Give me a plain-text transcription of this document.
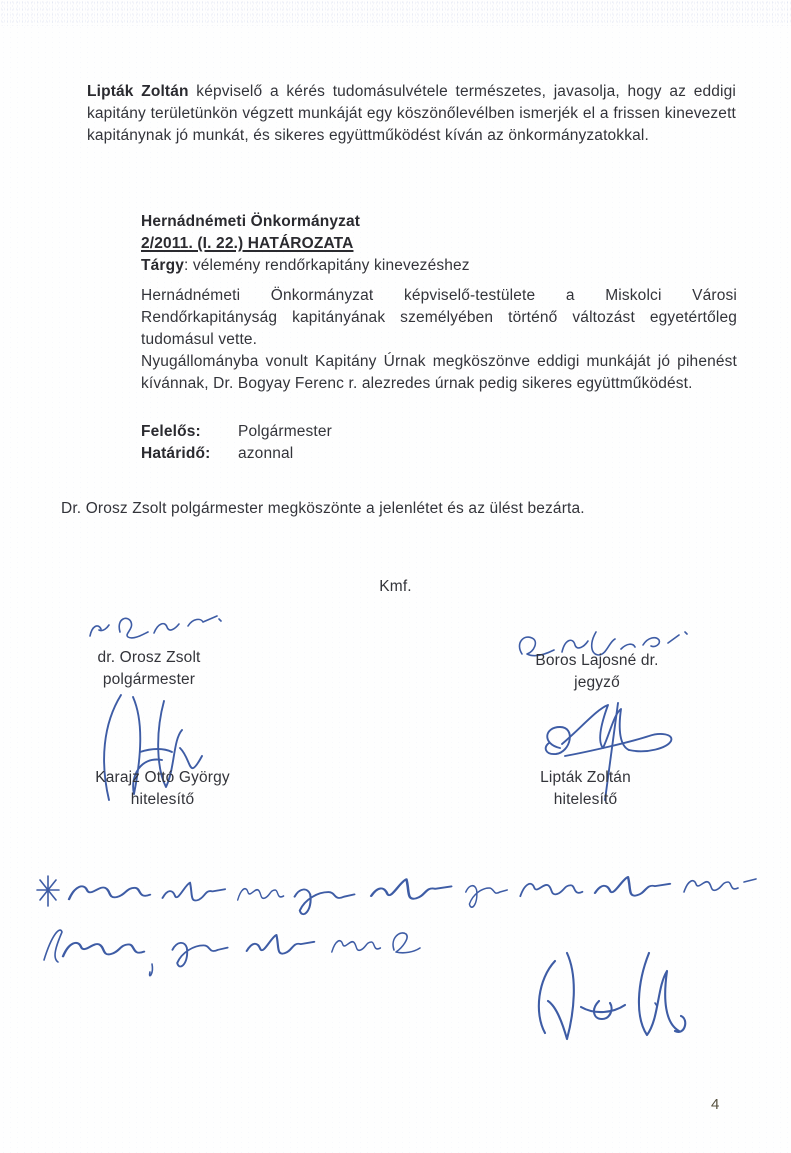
Lipták Zoltán képviselő a kérés tudomásulvétele természetes, javasolja, hogy az eddigi kapitány területünkön végzett munkáját egy köszönőlevélben ismerjék el a frissen kinevezett kapitánynak jó munkát, és sikeres együttműködést kíván az önkormányzatokkal.

Hernádnémeti Önkormányzat
2/2011. (I. 22.) HATÁROZATA
Tárgy: vélemény rendőrkapitány kinevezéshez

Hernádnémeti Önkormányzat képviselő-testülete a Miskolci Városi Rendőrkapitányság kapitányának személyében történő változást egyetértőleg tudomásul vette.

Nyugállományba vonult Kapitány Úrnak megköszönve eddigi munkáját jó pihenést kívánnak, Dr. Bogyay Ferenc r. alezredes úrnak pedig sikeres együttműködést.

Felelős:	Polgármester
Határidő:	azonnal

Dr. Orosz Zsolt polgármester megköszönte a jelenlétet és az ülést bezárta.

Kmf.
dr. Orosz Zsolt
polgármester
Boros Lajosné dr.
jegyző
Karajz Ottó György
hitelesítő
Lipták Zoltán
hitelesítő
4
